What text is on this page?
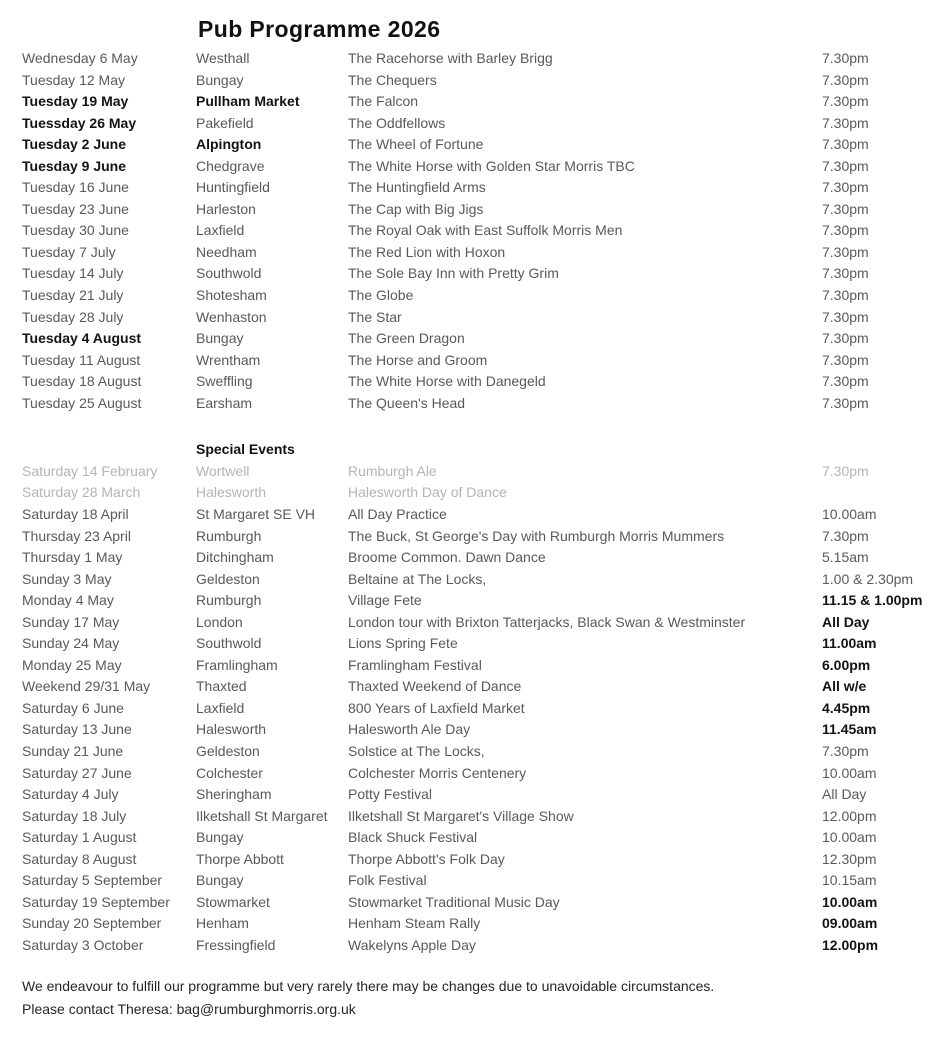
Pub Programme 2026
Wednesday 6 May	Westhall	The Racehorse with Barley Brigg	7.30pm
Tuesday 12 May	Bungay	The Chequers	7.30pm
Tuesday 19 May	Pullham Market	The Falcon	7.30pm
Tuessday 26 May	Pakefield	The Oddfellows	7.30pm
Tuesday 2 June	Alpington	The Wheel of Fortune	7.30pm
Tuesday 9 June	Chedgrave	The White Horse with Golden Star Morris TBC	7.30pm
Tuesday 16 June	Huntingfield	The Huntingfield Arms	7.30pm
Tuesday 23 June	Harleston	The Cap with Big Jigs	7.30pm
Tuesday 30 June	Laxfield	The Royal Oak with East Suffolk Morris Men	7.30pm
Tuesday 7 July	Needham	The Red Lion with Hoxon	7.30pm
Tuesday 14 July	Southwold	The Sole Bay Inn with Pretty Grim	7.30pm
Tuesday 21 July	Shotesham	The Globe	7.30pm
Tuesday 28 July	Wenhaston	The Star	7.30pm
Tuesday 4 August	Bungay	The Green Dragon	7.30pm
Tuesday 11 August	Wrentham	The Horse and Groom	7.30pm
Tuesday 18 August	Sweffling	The White Horse with Danegeld	7.30pm
Tuesday 25 August	Earsham	The Queen's Head	7.30pm
Special Events
Saturday 14 February	Wortwell	Rumburgh Ale	7.30pm
Saturday 28 March	Halesworth	Halesworth Day of Dance
Saturday 18 April	St Margaret SE VH	All Day Practice	10.00am
Thursday 23 April	Rumburgh	The Buck, St George's Day with Rumburgh Morris Mummers	7.30pm
Thursday 1 May	Ditchingham	Broome Common. Dawn Dance	5.15am
Sunday 3 May	Geldeston	Beltaine at The Locks,	1.00 & 2.30pm
Monday 4 May	Rumburgh	Village Fete	11.15 & 1.00pm
Sunday 17 May	London	London tour with Brixton Tatterjacks, Black Swan & Westminster	All Day
Sunday 24 May	Southwold	Lions Spring Fete	11.00am
Monday 25 May	Framlingham	Framlingham Festival	6.00pm
Weekend 29/31 May	Thaxted	Thaxted Weekend of Dance	All w/e
Saturday 6 June	Laxfield	800 Years of Laxfield Market	4.45pm
Saturday 13 June	Halesworth	Halesworth Ale Day	11.45am
Sunday 21 June	Geldeston	Solstice at The Locks,	7.30pm
Saturday 27 June	Colchester	Colchester Morris Centenery	10.00am
Saturday 4 July	Sheringham	Potty Festival	All Day
Saturday 18 July	Ilketshall St Margaret	Ilketshall St Margaret's Village Show	12.00pm
Saturday 1 August	Bungay	Black Shuck Festival	10.00am
Saturday 8 August	Thorpe Abbott	Thorpe Abbott's Folk Day	12.30pm
Saturday 5 September	Bungay	Folk Festival	10.15am
Saturday 19 September	Stowmarket	Stowmarket Traditional Music Day	10.00am
Sunday 20 September	Henham	Henham Steam Rally	09.00am
Saturday 3 October	Fressingfield	Wakelyns Apple Day	12.00pm

We endeavour to fulfill our programme but very rarely there may be changes due to unavoidable circumstances.

Please contact Theresa: bag@rumburghmorris.org.uk
